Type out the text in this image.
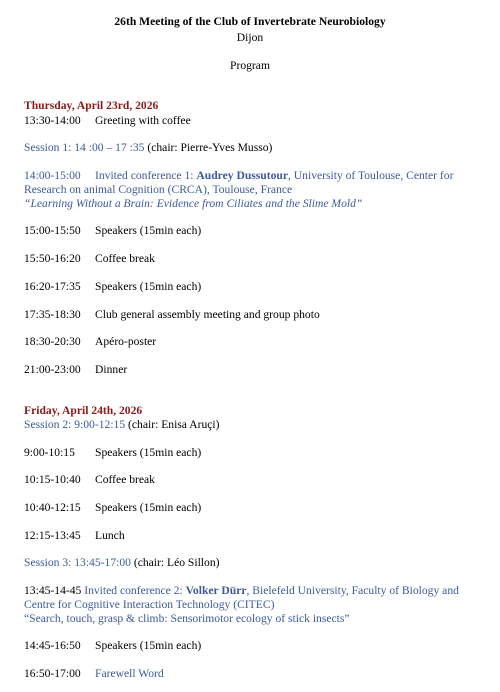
26th Meeting of the Club of Invertebrate Neurobiology
Dijon
Program
Thursday, April 23rd, 2026
13:30-14:00 Greeting with coffee
Session 1: 14 :00 – 17 :35 (chair: Pierre-Yves Musso)
14:00-15:00 Invited conference 1: Audrey Dussutour, University of Toulouse, Center for
Research on animal Cognition (CRCA), Toulouse, France
“Learning Without a Brain: Evidence from Ciliates and the Slime Mold”
15:00-15:50 Speakers (15min each)
15:50-16:20 Coffee break
16:20-17:35 Speakers (15min each)
17:35-18:30 Club general assembly meeting and group photo
18:30-20:30 Apéro-poster
21:00-23:00 Dinner
Friday, April 24th, 2026
Session 2: 9:00-12:15 (chair: Enisa Aruçi)
9:00-10:15 Speakers (15min each)
10:15-10:40 Coffee break
10:40-12:15 Speakers (15min each)
12:15-13:45 Lunch
Session 3: 13:45-17:00 (chair: Léo Sillon)
13:45-14-45 Invited conference 2: Volker Dürr, Bielefeld University, Faculty of Biology and
Centre for Cognitive Interaction Technology (CITEC)
“Search, touch, grasp & climb: Sensorimotor ecology of stick insects”
14:45-16:50 Speakers (15min each)
16:50-17:00 Farewell Word
